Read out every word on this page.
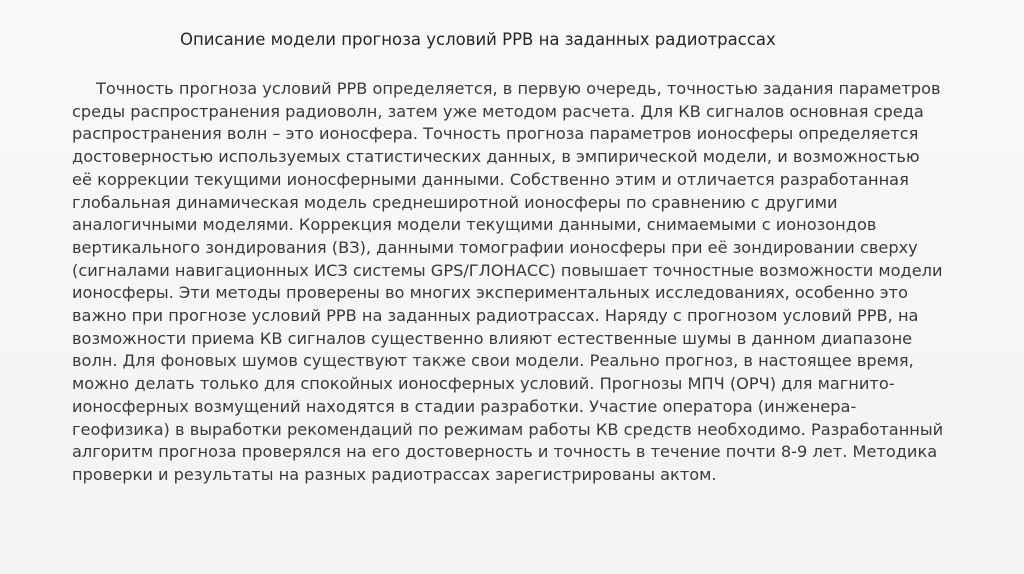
Описание модели прогноза условий РРВ на заданных радиотрассах
Точность прогноза условий РРВ определяется, в первую очередь, точностью задания параметров
среды распространения радиоволн, затем уже методом расчета. Для КВ сигналов основная среда
распространения волн – это ионосфера. Точность прогноза параметров ионосферы определяется
достоверностью используемых статистических данных, в эмпирической модели, и возможностью
её коррекции текущими ионосферными данными. Собственно этим и отличается разработанная
глобальная динамическая модель среднеширотной ионосферы по сравнению с другими
аналогичными моделями. Коррекция модели текущими данными, снимаемыми с ионозондов
вертикального зондирования (ВЗ), данными томографии ионосферы при её зондировании сверху
(сигналами навигационных ИСЗ системы GPS/ГЛОНАСС) повышает точностные возможности модели
ионосферы. Эти методы проверены во многих экспериментальных исследованиях, особенно это
важно при прогнозе условий РРВ на заданных радиотрассах. Наряду с прогнозом условий РРВ, на
возможности приема КВ сигналов существенно влияют естественные шумы в данном диапазоне
волн. Для фоновых шумов существуют также свои модели. Реально прогноз, в настоящее время,
можно делать только для спокойных ионосферных условий. Прогнозы МПЧ (ОРЧ) для магнито-
ионосферных возмущений находятся в стадии разработки. Участие оператора (инженера-
геофизика) в выработки рекомендаций по режимам работы КВ средств необходимо. Разработанный
алгоритм прогноза проверялся на его достоверность и точность в течение почти 8-9 лет. Методика
проверки и результаты на разных радиотрассах зарегистрированы актом.
